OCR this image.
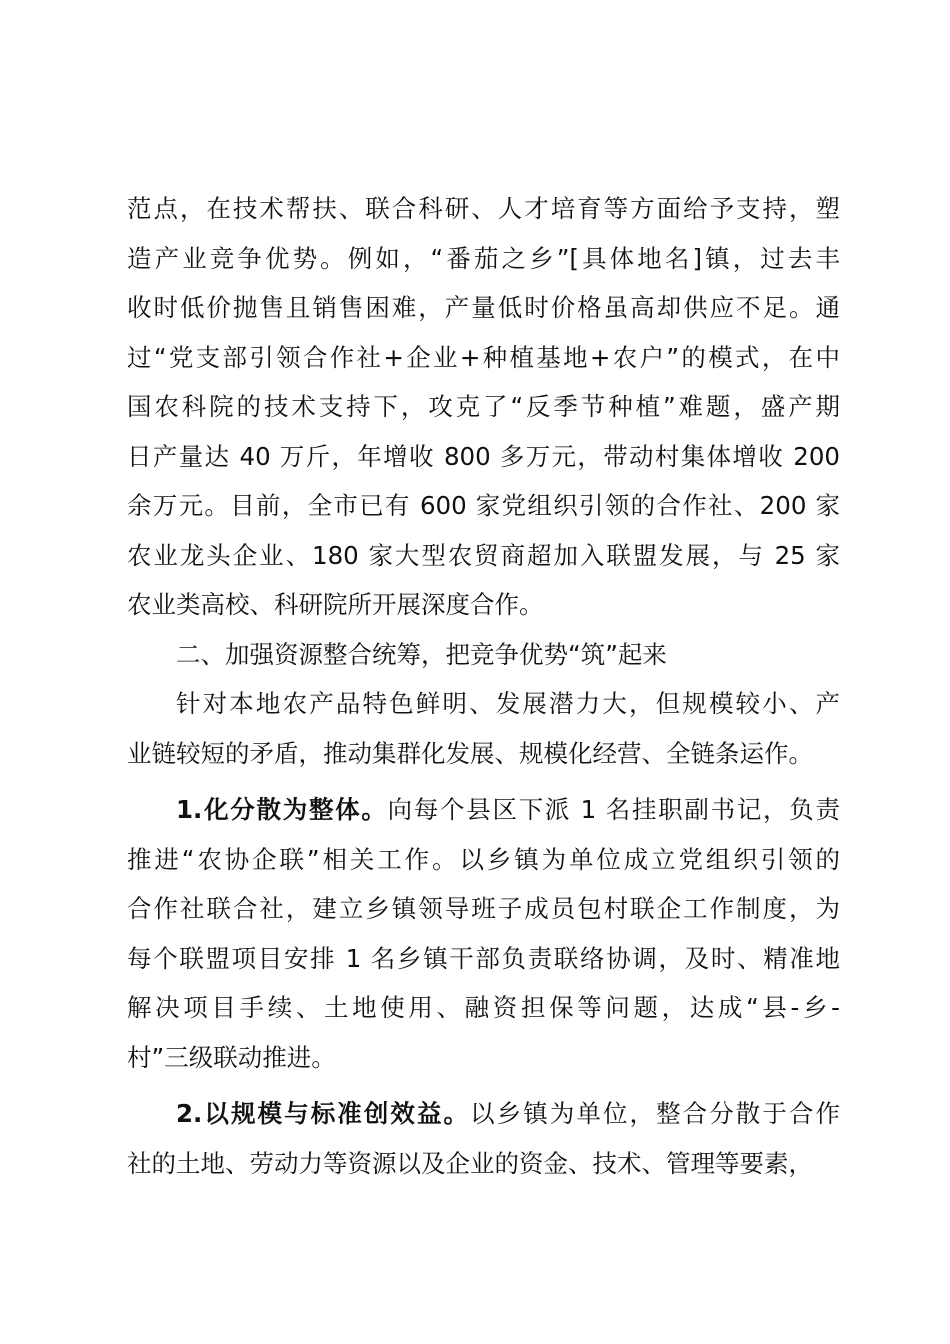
范点，在技术帮扶、联合科研、人才培育等方面给予支持，塑
造产业竞争优势。例如，“番茄之乡”[具体地名]镇，过去丰
收时低价抛售且销售困难，产量低时价格虽高却供应不足。通
过“党支部引领合作社+企业+种植基地+农户”的模式，在中
国农科院的技术支持下，攻克了“反季节种植”难题，盛产期
日产量达 40 万斤，年增收 800 多万元，带动村集体增收 200
余万元。目前，全市已有 600 家党组织引领的合作社、200 家
农业龙头企业、180 家大型农贸商超加入联盟发展，与 25 家
农业类高校、科研院所开展深度合作。
二、加强资源整合统筹，把竞争优势“筑”起来
针对本地农产品特色鲜明、发展潜力大，但规模较小、产
业链较短的矛盾，推动集群化发展、规模化经营、全链条运作。
1.化分散为整体。向每个县区下派 1 名挂职副书记，负责
推进“农协企联”相关工作。以乡镇为单位成立党组织引领的
合作社联合社，建立乡镇领导班子成员包村联企工作制度，为
每个联盟项目安排 1 名乡镇干部负责联络协调，及时、精准地
解决项目手续、土地使用、融资担保等问题，达成“县-乡-
村”三级联动推进。
2.以规模与标准创效益。以乡镇为单位，整合分散于合作
社的土地、劳动力等资源以及企业的资金、技术、管理等要素，
